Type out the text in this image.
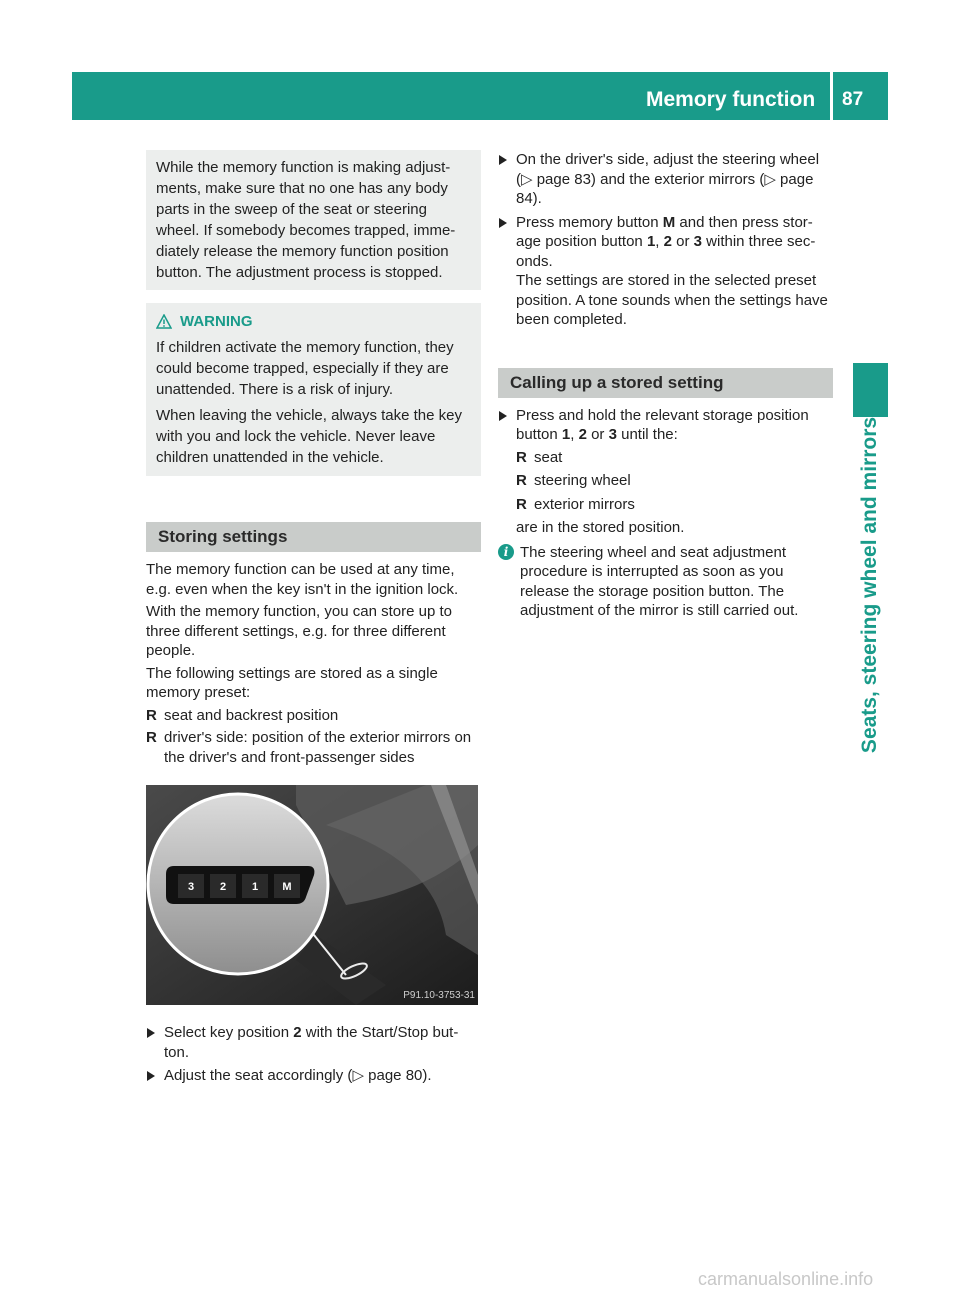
Memory function 87
Seats, steering wheel and mirrors

While the memory function is making adjust-ments, make sure that no one has any body parts in the sweep of the seat or steering wheel. If somebody becomes trapped, imme-diately release the memory function position button. The adjustment process is stopped.

WARNING

If children activate the memory function, they could become trapped, especially if they are unattended. There is a risk of injury.

When leaving the vehicle, always take the key with you and lock the vehicle. Never leave children unattended in the vehicle.

Storing settings

The memory function can be used at any time, e.g. even when the key isn't in the ignition lock.

With the memory function, you can store up to three different settings, e.g. for three different people.

The following settings are stored as a single memory preset:

R seat and backrest position
R driver's side: position of the exterior mirrors on the driver's and front-passenger sides
3 2 1 M
P91.10-3753-31
Select key position 2 with the Start/Stop but-ton.
Adjust the seat accordingly (▷ page 80).
On the driver's side, adjust the steering wheel (▷ page 83) and the exterior mirrors (▷ page 84).
Press memory button M and then press stor-age position button 1, 2 or 3 within three sec-onds.
The settings are stored in the selected preset position. A tone sounds when the settings have been completed.
Calling up a stored setting
Press and hold the relevant storage position button 1, 2 or 3 until the:
R seat
R steering wheel
R exterior mirrors
are in the stored position.
i The steering wheel and seat adjustment procedure is interrupted as soon as you release the storage position button. The adjustment of the mirror is still carried out.
carmanualsonline.info
